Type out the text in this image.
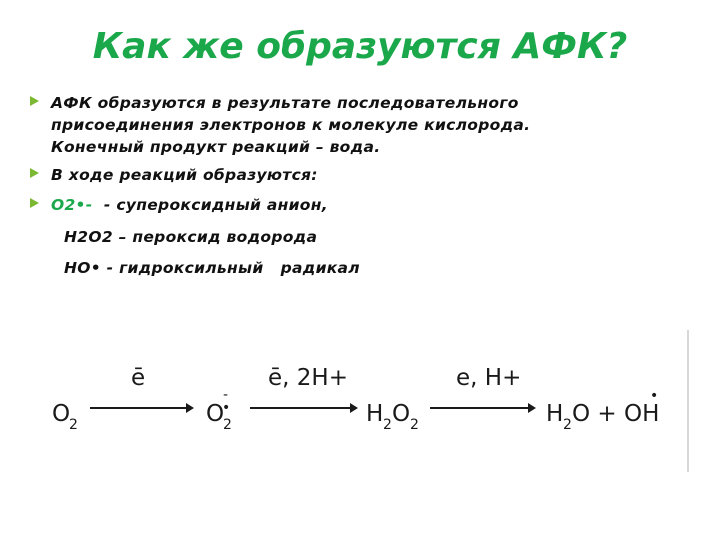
Как же образуются АФК?
АФК образуются в результате последовательного
присоединения электронов к молекуле кислорода.
Конечный продукт реакций – вода.
В ходе реакций образуются:
О2•-  - супероксидный анион,
Н2О2 – пероксид водорода
НО• - гидроксильный   радикал
O
2
ē
O
-
•
2
ē, 2H+
H 2 O 2
e, H+
H 2 O + OH
•
